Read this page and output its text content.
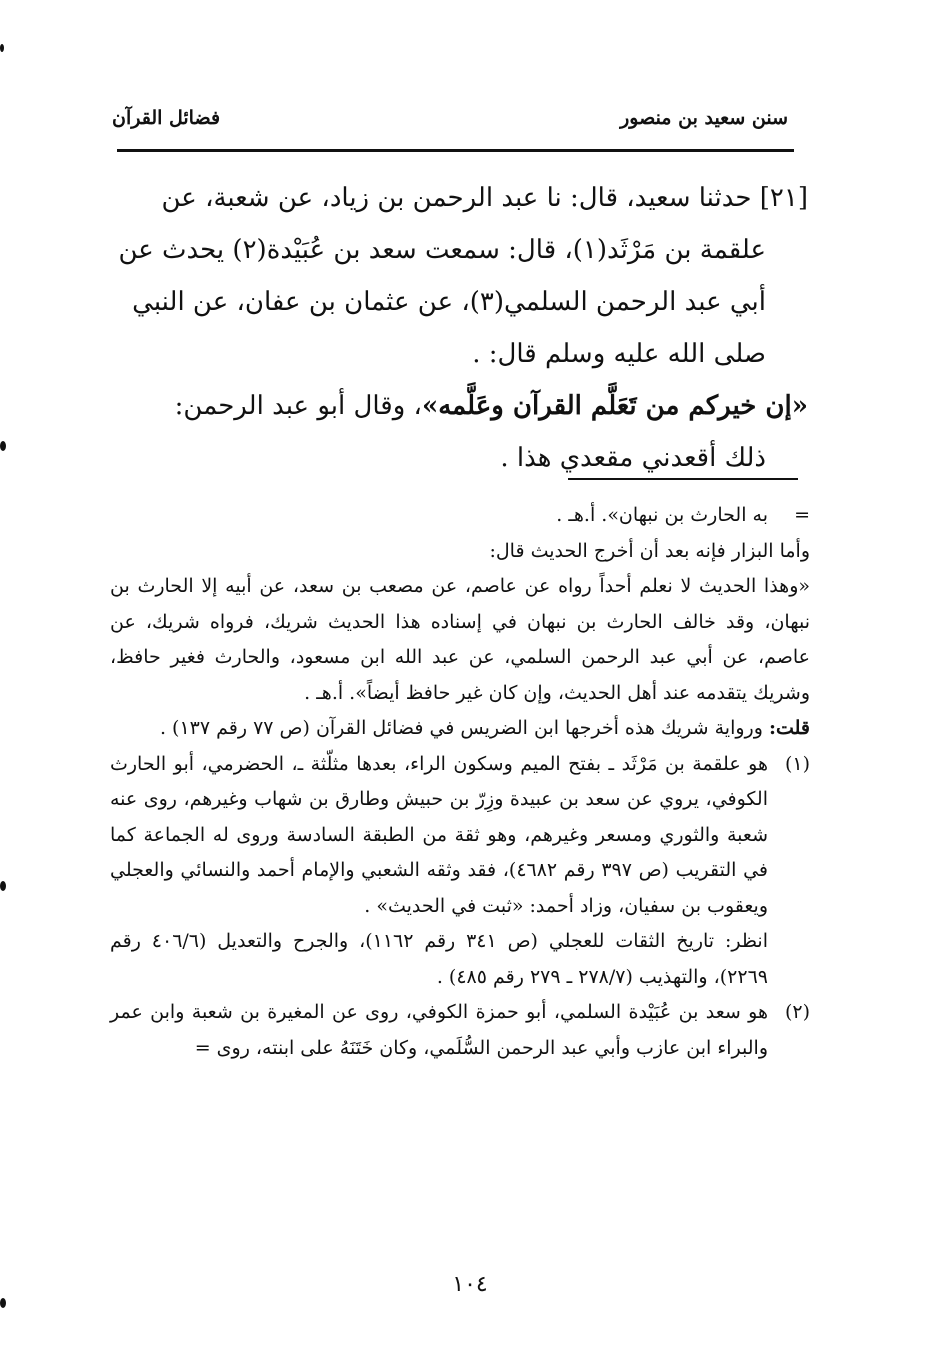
سنن سعيد بن منصور
فضائل القرآن

[٢١] حدثنا سعيد، قال: نا عبد الرحمن بن زياد، عن شعبة، عن

علقمة بن مَرْثَد(١)، قال: سمعت سعد بن عُبَيْدة(٢) يحدث عن

أبي عبد الرحمن السلمي(٣)، عن عثمان بن عفان، عن النبي

صلى الله عليه وسلم قال: .

«إن خيركم من تَعَلَّم القرآن وعَلَّمه»، وقال أبو عبد الرحمن:

ذلك أقعدني مقعدي هذا .

=
به الحارث بن نبهان». أ.هـ .

وأما البزار فإنه بعد أن أخرج الحديث قال:

«وهذا الحديث لا نعلم أحداً رواه عن عاصم، عن مصعب بن سعد، عن أبيه إلا الحارث بن نبهان، وقد خالف الحارث بن نبهان في إسناده هذا الحديث شريك، فرواه شريك، عن عاصم، عن أبي عبد الرحمن السلمي، عن عبد الله ابن مسعود، والحارث فغير حافظ، وشريك يتقدمه عند أهل الحديث، وإن كان غير حافظ أيضاً». أ.هـ .

قلت: ورواية شريك هذه أخرجها ابن الضريس في فضائل القرآن (ص ٧٧ رقم ١٣٧) .

(١)
هو علقمة بن مَرْثَد ـ بفتح الميم وسكون الراء، بعدها مثلّثة ـ، الحضرمي، أبو الحارث الكوفي، يروي عن سعد بن عبيدة وزِرّ بن حبيش وطارق بن شهاب وغيرهم، روى عنه شعبة والثوري ومسعر وغيرهم، وهو ثقة من الطبقة السادسة وروى له الجماعة كما في التقريب (ص ٣٩٧ رقم ٤٦٨٢)، فقد وثقه الشعبي والإمام أحمد والنسائي والعجلي ويعقوب بن سفيان، وزاد أحمد: «ثبت في الحديث» .

انظر: تاريخ الثقات للعجلي (ص ٣٤١ رقم ١١٦٢)، والجرح والتعديل (٤٠٦/٦ رقم ٢٢٦٩)، والتهذيب (٢٧٨/٧ ـ ٢٧٩ رقم ٤٨٥) .

(٢)
هو سعد بن عُبَيْدة السلمي، أبو حمزة الكوفي، روى عن المغيرة بن شعبة وابن عمر والبراء ابن عازب وأبي عبد الرحمن السُّلَمي، وكان خَتَنَهُ على ابنته، روى =
١٠٤
